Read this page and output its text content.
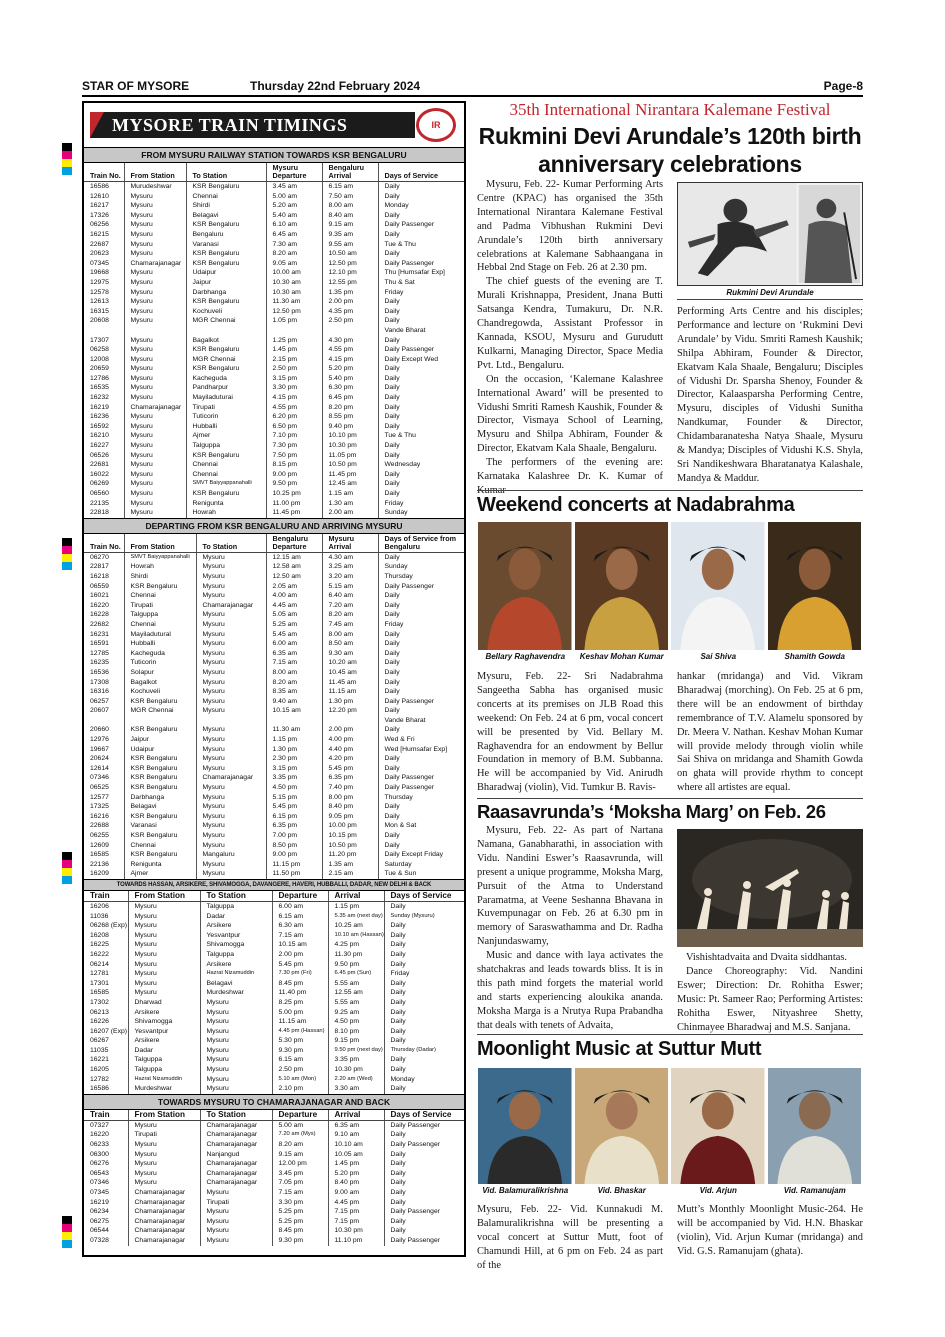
STAR OF MYSORE	Thursday 22nd February 2024	Page-8
MYSORE TRAIN TIMINGS	IR
FROM MYSURU RAILWAY STATION TOWARDS KSR BENGALURU
Train No.	From Station	To Station	Mysuru Departure	Bengaluru Arrival	Days of Service
16586	Murudeshwar	KSR Bengaluru	3.45 am	6.15 am	Daily
12610	Mysuru	Chennai	5.00 am	7.50 am	Daily
16217	Mysuru	Shirdi	5.20 am	8.00 am	Monday
17326	Mysuru	Belagavi	5.40 am	8.40 am	Daily
06256	Mysuru	KSR Bengaluru	6.10 am	9.15 am	Daily Passenger
16215	Mysuru	Bengaluru	6.45 am	9.35 am	Daily
22687	Mysuru	Varanasi	7.30 am	9.55 am	Tue & Thu
20623	Mysuru	KSR Bengaluru	8.20 am	10.50 am	Daily
07345	Chamarajanagar	KSR Bengaluru	9.05 am	12.50 pm	Daily Passenger
19668	Mysuru	Udaipur	10.00 am	12.10 pm	Thu [Humsafar Exp]
12975	Mysuru	Jaipur	10.30 am	12.55 pm	Thu & Sat
12578	Mysuru	Darbhanga	10.30 am	1.35 pm	Friday
12613	Mysuru	KSR Bengaluru	11.30 am	2.00 pm	Daily
16315	Mysuru	Kochuveli	12.50 pm	4.35 pm	Daily
20608	Mysuru	MGR Chennai	1.05 pm	2.50 pm	Daily
					Vande Bharat
17307	Mysuru	Bagalkot	1.25 pm	4.30 pm	Daily
06258	Mysuru	KSR Bengaluru	1.45 pm	4.55 pm	Daily Passenger
12008	Mysuru	MGR Chennai	2.15 pm	4.15 pm	Daily Except Wed
20659	Mysuru	KSR Bengaluru	2.50 pm	5.20 pm	Daily
12786	Mysuru	Kacheguda	3.15 pm	5.40 pm	Daily
16535	Mysuru	Pandharpur	3.30 pm	6.30 pm	Daily
16232	Mysuru	Mayiladuturai	4.15 pm	6.45 pm	Daily
16219	Chamarajanagar	Tirupati	4.55 pm	8.20 pm	Daily
16236	Mysuru	Tuticorin	6.20 pm	8.55 pm	Daily
16592	Mysuru	Hubballi	6.50 pm	9.40 pm	Daily
16210	Mysuru	Ajmer	7.10 pm	10.10 pm	Tue & Thu
16227	Mysuru	Talguppa	7.30 pm	10.30 pm	Daily
06526	Mysuru	KSR Bengaluru	7.50 pm	11.05 pm	Daily
22681	Mysuru	Chennai	8.15 pm	10.50 pm	Wednesday
16022	Mysuru	Chennai	9.00 pm	11.45 pm	Daily
06269	Mysuru	SMVT Baiyyappanahalli	9.50 pm	12.45 am	Daily
06560	Mysuru	KSR Bengaluru	10.25 pm	1.15 am	Daily
22135	Mysuru	Renigunta	11.00 pm	1.30 am	Friday
22818	Mysuru	Howrah	11.45 pm	2.00 am	Sunday
DEPARTING FROM KSR BENGALURU AND ARRIVING MYSURU
Train No.	From Station	To Station	Bengaluru Departure	Mysuru Arrival	Days of Service from Bengaluru
06270	SMVT Baiyyappanahalli	Mysuru	12.15 am	4.30 am	Daily
22817	Howrah	Mysuru	12.58 am	3.25 am	Sunday
16218	Shirdi	Mysuru	12.50 am	3.20 am	Thursday
06559	KSR Bengaluru	Mysuru	2.05 am	5.15 am	Daily Passenger
16021	Chennai	Mysuru	4.00 am	6.40 am	Daily
16220	Tirupati	Chamarajanagar	4.45 am	7.20 am	Daily
16228	Talguppa	Mysuru	5.05 am	8.20 am	Daily
22682	Chennai	Mysuru	5.25 am	7.45 am	Friday
16231	Mayiladutural	Mysuru	5.45 am	8.00 am	Daily
16591	Hubballi	Mysuru	6.00 am	8.50 am	Daily
12785	Kacheguda	Mysuru	6.35 am	9.30 am	Daily
16235	Tuticorin	Mysuru	7.15 am	10.20 am	Daily
16536	Solapur	Mysuru	8.00 am	10.45 am	Daily
17308	Bagalkot	Mysuru	8.20 am	11.45 am	Daily
16316	Kochuveli	Mysuru	8.35 am	11.15 am	Daily
06257	KSR Bengaluru	Mysuru	9.40 am	1.30 pm	Daily Passenger
20607	MGR Chennai	Mysuru	10.15 am	12.20 pm	Daily
					Vande Bharat
20660	KSR Bengaluru	Mysuru	11.30 am	2.00 pm	Daily
12976	Jaipur	Mysuru	1.15 pm	4.00 pm	Wed & Fri
19667	Udaipur	Mysuru	1.30 pm	4.40 pm	Wed [Humsafar Exp]
20624	KSR Bengaluru	Mysuru	2.30 pm	4.20 pm	Daily
12614	KSR Bengaluru	Mysuru	3.15 pm	5.45 pm	Daily
07346	KSR Bengaluru	Chamarajanagar	3.35 pm	6.35 pm	Daily Passenger
06525	KSR Bengaluru	Mysuru	4.50 pm	7.40 pm	Daily Passenger
12577	Darbhanga	Mysuru	5.15 pm	8.00 pm	Thursday
17325	Belagavi	Mysuru	5.45 pm	8.40 pm	Daily
16216	KSR Bengaluru	Mysuru	6.15 pm	9.05 pm	Daily
22688	Varanasi	Mysuru	6.35 pm	10.00 pm	Mon & Sat
06255	KSR Bengaluru	Mysuru	7.00 pm	10.15 pm	Daily
12609	Chennai	Mysuru	8.50 pm	10.50 pm	Daily
16585	KSR Bengaluru	Mangaluru	9.00 pm	11.20 pm	Daily Except Friday
22136	Renigunta	Mysuru	11.15 pm	1.35 am	Saturday
16209	Ajmer	Mysuru	11.50 pm	2.15 am	Tue & Sun
TOWARDS HASSAN, ARSIKERE, SHIVAMOGGA, DAVANGERE, HAVERI, HUBBALLI, DADAR, NEW DELHI & BACK
Train	From Station	To Station	Departure	Arrival	Days of Service
16206	Mysuru	Talguppa	6.00 am	1.15 pm	Daily
11036	Mysuru	Dadar	6.15 am	5.35 am (next day)	Sunday (Mysuru)
06268 (Exp)	Mysuru	Arsikere	6.30 am	10.25 am	Daily
16208	Mysuru	Yesvantpur	7.15 am	10.10 am (Hassan)	Daily
16225	Mysuru	Shivamogga	10.15 am	4.25 pm	Daily
16222	Mysuru	Talguppa	2.00 pm	11.30 pm	Daily
06214	Mysuru	Arsikere	5.45 pm	9.50 pm	Daily
12781	Mysuru	Hazrat Nizamuddin	7.30 pm (Fri)	6.45 pm (Sun)	Friday
17301	Mysuru	Belagavi	8.45 pm	5.55 am	Daily
16585	Mysuru	Murdeshwar	11.40 pm	12.55 am	Daily
17302	Dharwad	Mysuru	8.25 pm	5.55 am	Daily
06213	Arsikere	Mysuru	5.00 pm	9.25 am	Daily
16226	Shivamogga	Mysuru	11.15 am	4.50 pm	Daily
16207 (Exp)	Yesvantpur	Mysuru	4.45 pm (Hassan)	8.10 pm	Daily
06267	Arsikere	Mysuru	5.30 pm	9.15 pm	Daily
11035	Dadar	Mysuru	9.30 pm	9.50 pm (next day)	Thursday (Dadar)
16221	Talguppa	Mysuru	6.15 am	3.35 pm	Daily
16205	Talguppa	Mysuru	2.50 pm	10.30 pm	Daily
12782	Hazrat Nizamuddin	Mysuru	5.10 am (Mon)	2.20 am (Wed)	Monday
16586	Murdeshwar	Mysuru	2.10 pm	3.30 am	Daily
TOWARDS MYSURU TO CHAMARAJANAGAR AND BACK
Train	From Station	To Station	Departure	Arrival	Days of Service
07327	Mysuru	Chamarajanagar	5.00 am	6.35 am	Daily Passenger
16220	Tirupati	Chamarajanagar	7.20 am (Mys)	9.10 am	Daily
06233	Mysuru	Chamarajanagar	8.20 am	10.10 am	Daily Passenger
06300	Mysuru	Nanjangud	9.15 am	10.05 am	Daily
06276	Mysuru	Chamarajanagar	12.00 pm	1.45 pm	Daily
06543	Mysuru	Chamarajanagar	3.45 pm	5.20 pm	Daily
07346	Mysuru	Chamarajanagar	7.05 pm	8.40 pm	Daily
07345	Chamarajanagar	Mysuru	7.15 am	9.00 am	Daily
16219	Chamarajanagar	Tirupati	3.30 pm	4.45 pm	Daily
06234	Chamarajanagar	Mysuru	5.25 pm	7.15 pm	Daily Passenger
06275	Chamarajanagar	Mysuru	5.25 pm	7.15 pm	Daily
06544	Chamarajanagar	Mysuru	8.45 pm	10.30 pm	Daily
07328	Chamarajanagar	Mysuru	9.30 pm	11.10 pm	Daily Passenger
35th International Nirantara Kalemane Festival
Rukmini Devi Arundale’s 120th birth anniversary celebrations

Mysuru, Feb. 22- Kumar Performing Arts Centre (KPAC) has organised the 35th International Nirantara Kalemane Festival and Padma Vibhushan Rukmini Devi Arundale’s 120th birth anniversary celebrations at Kalemane Sabhaangana in Hebbal 2nd Stage on Feb. 26 at 2.30 pm.

The chief guests of the evening are T. Murali Krishnappa, President, Jnana Butti Satsanga Kendra, Tumakuru, Dr. N.R. Chandregowda, Assistant Professor in Kannada, KSOU, Mysuru and Gurudutt Kulkarni, Managing Director, Space Media Pvt. Ltd., Bengaluru.

On the occasion, ‘Kalemane Kalashree International Award’ will be presented to Vidushi Smriti Ramesh Kaushik, Founder & Director, Vismaya School of Learning, Mysuru and Shilpa Abhiram, Founder & Director, Ekatvam Kala Shaale, Bengaluru.

The performers of the evening are: Karnataka Kalashree Dr. K. Kumar of

Rukmini Devi Arundale
Performing Arts Centre and his disciples; Performance and lecture on ‘Rukmini Devi Arundale’ by Vidu. Smriti Ramesh Kaushik; Shilpa Abhiram, Founder & Director, Ekatvam Kala Shaale, Bengaluru; Disciples of Vidushi Dr. Sparsha Shenoy, Founder & Director, Kalaasparsha Performing Centre, Mysuru, disciples of Vidushi Sunitha Nandkumar, Founder & Director, Chidambaranatesha Natya Shaale, Mysuru & Mandya; Disciples of Vidushi K.S. Shyla, Sri Nandikeshwara Bharatanatya Kalashale, Mandya & Maddur.
Weekend concerts at Nadabrahma
Bellary Raghavendra	Keshav Mohan Kumar	Sai Shiva	Shamith Gowda
Mysuru, Feb. 22- Sri Nadabrahma Sangeetha Sabha has organised music concerts at its premises on JLB Road this weekend: On Feb. 24 at 6 pm, vocal concert will be presented by Vid. Bellary M. Raghavendra for an endowment by Bellur Foundation in memory of B.M. Subbanna. He will be accompanied by Vid. Anirudh Bharadwaj (violin), Vid. Tumkur B. Ravis-
hankar (mridanga) and Vid. Vikram Bharadwaj (morching). On Feb. 25 at 6 pm, there will be an endowment of birthday remembrance of T.V. Alamelu sponsored by Dr. Meera V. Nathan. Keshav Mohan Kumar will provide melody through violin while Sai Shiva on mridanga and Shamith Gowda on ghata will provide rhythm to concept where all artistes are equal.
Raasavrunda’s ‘Moksha Marg’ on Feb. 26

Mysuru, Feb. 22- As part of Nartana Namana, Ganabharathi, in association with Vidu. Nandini Eswer’s Raasavrunda, will present a unique programme, Moksha Marg, Pursuit of the Atma to Understand Paramatma, at Veene Seshanna Bhavana in Kuvempunagar on Feb. 26 at 6.30 pm in memory of Saraswathamma and Dr. Radha Nanjundaswamy,

Music and dance with laya activates the shatchakras and leads towards bliss. It is in this path mind forgets the material world and starts experiencing aloukika ananda. Moksha Marga is a Nrutya Rupa Prabandha that deals with tenets of Advaita,

Vishishtadvaita and Dvaita siddhantas.

Dance Choreography: Vid. Nandini Eswer; Direction: Dr. Rohitha Eswer; Music: Pt. Sameer Rao; Performing Artistes: Rohitha Eswer, Nityashree Shetty, Chinmayee Bharadwaj and M.S. Sanjana.

Moonlight Music at Suttur Mutt
Vid. Balamuralikrishna	Vid. Bhaskar	Vid. Arjun	Vid. Ramanujam
Mysuru, Feb. 22- Vid. Kunnakudi M. Balamuralikrishna will be presenting a vocal concert at Suttur Mutt, foot of Chamundi Hill, at 6 pm on Feb. 24 as part of the
Mutt’s Monthly Moonlight Music-264. He will be accompanied by Vid. H.N. Bhaskar (violin), Vid. Arjun Kumar (mridanga) and Vid. G.S. Ramanujam (ghata).
